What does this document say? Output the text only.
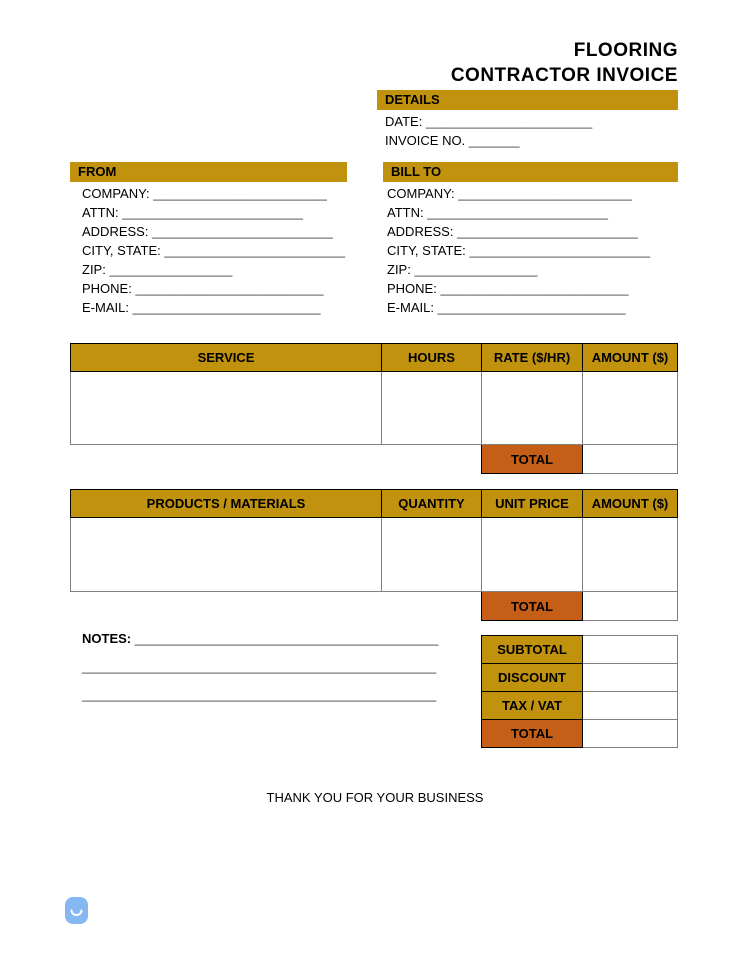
FLOORING
CONTRACTOR INVOICE
DETAILS
DATE: _______________________
INVOICE NO. _______
FROM
COMPANY: ________________________
ATTN: _________________________
ADDRESS: _________________________
CITY, STATE: _________________________
ZIP: _________________
PHONE: __________________________
E-MAIL: __________________________
BILL TO
COMPANY: ________________________
ATTN: _________________________
ADDRESS: _________________________
CITY, STATE: _________________________
ZIP: _________________
PHONE: __________________________
E-MAIL: __________________________
SERVICE	HOURS	RATE ($/HR)	AMOUNT ($)

		TOTAL	
PRODUCTS / MATERIALS	QUANTITY	UNIT PRICE	AMOUNT ($)

		TOTAL	
NOTES: __________________________________________
_________________________________________________
_________________________________________________
SUBTOTAL	
DISCOUNT	
TAX / VAT	
TOTAL	
THANK YOU FOR YOUR BUSINESS
